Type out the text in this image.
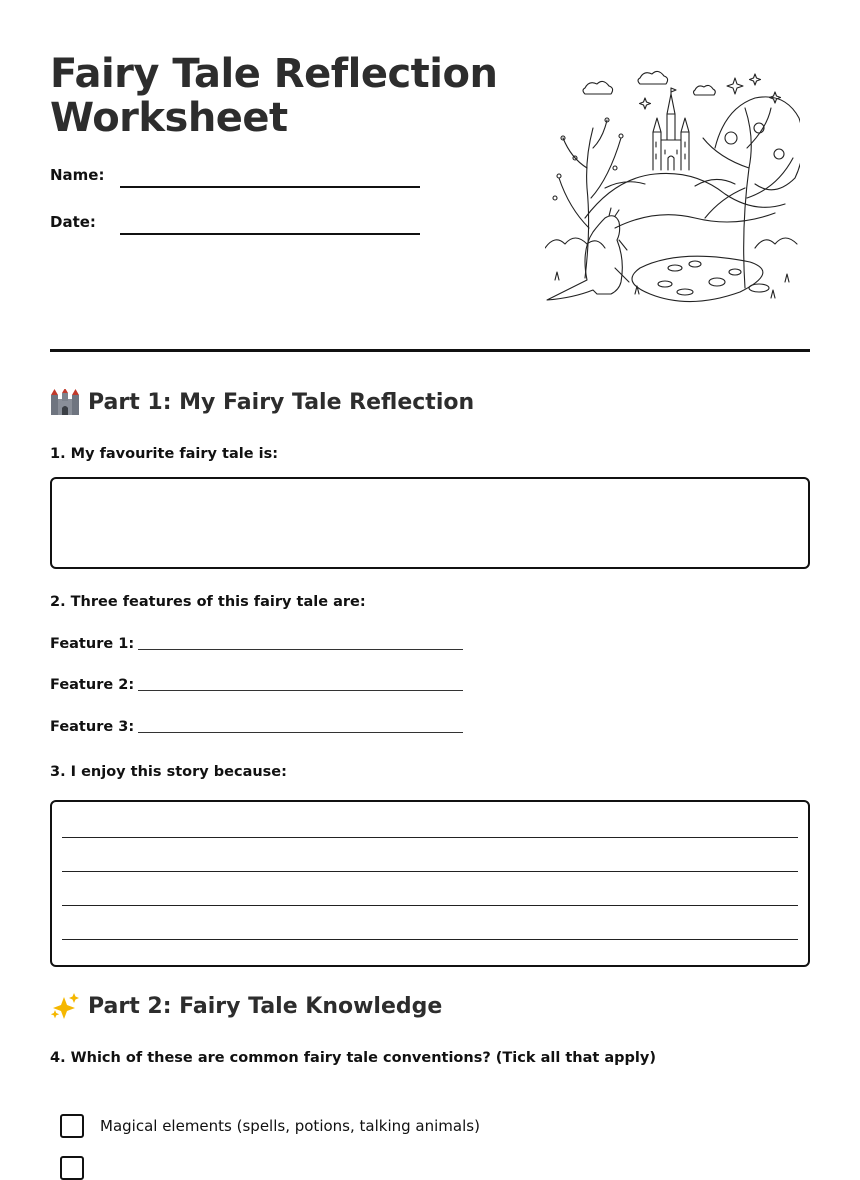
Fairy Tale Reflection Worksheet
Name:
Date:
Part 1: My Fairy Tale Reflection
1. My favourite fairy tale is:
2. Three features of this fairy tale are:
Feature 1:
Feature 2:
Feature 3:
3. I enjoy this story because:
Part 2: Fairy Tale Knowledge
4. Which of these are common fairy tale conventions? (Tick all that apply)
Magical elements (spells, potions, talking animals)
